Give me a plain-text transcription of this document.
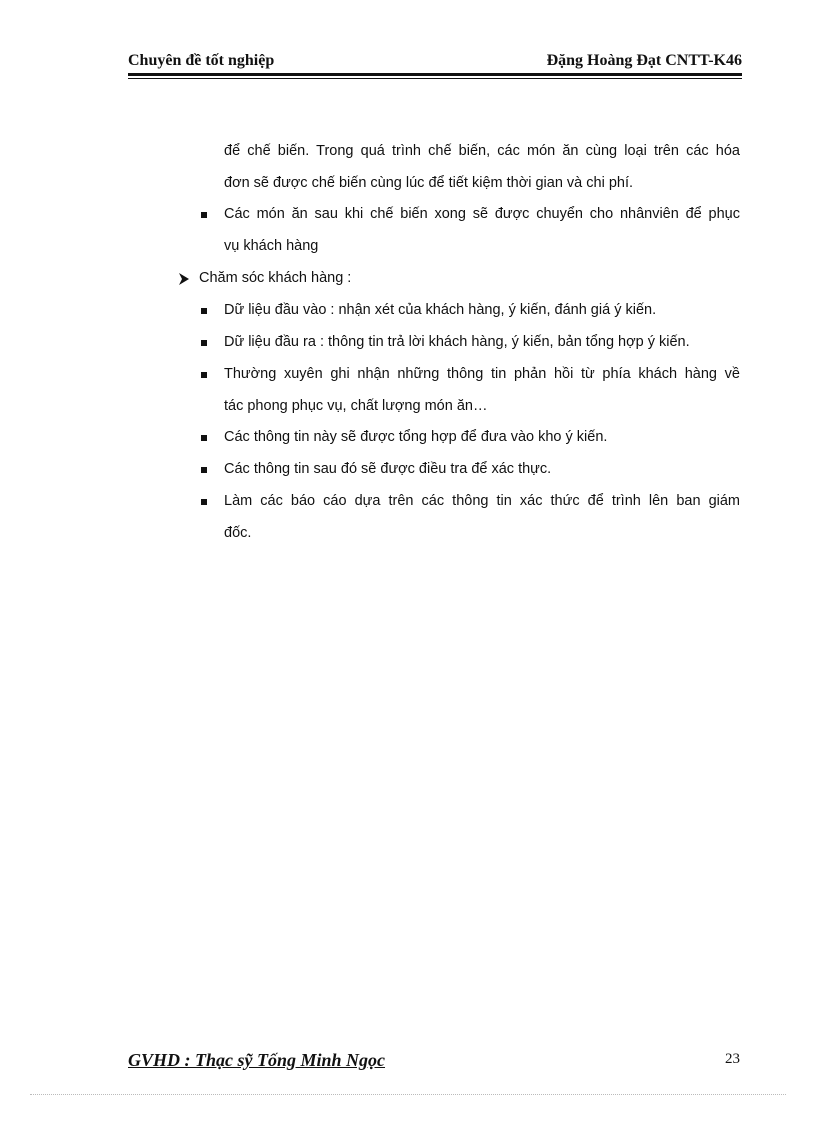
Chuyên đề tốt nghiệp	Đặng Hoàng Đạt CNTT-K46
để chế biến. Trong quá trình chế biến, các món ăn cùng loại trên các hóa
đơn sẽ được chế biến cùng lúc để tiết kiệm thời gian và chi phí.
Các món ăn sau khi chế biến xong sẽ được chuyển cho nhânviên để phục
vụ khách hàng
Chăm sóc khách hàng :
Dữ liệu đầu vào : nhận xét của khách hàng, ý kiến, đánh giá ý kiến.
Dữ liệu đầu ra : thông tin trả lời khách hàng, ý kiến, bản tổng hợp ý kiến.
Thường xuyên ghi nhận những thông tin phản hồi từ phía khách hàng về
tác phong phục vụ, chất lượng món ăn…
Các thông tin này sẽ được tổng hợp để đưa vào kho ý kiến.
Các thông tin sau đó sẽ được điều tra để xác thực.
Làm các báo cáo dựa trên các thông tin xác thức để trình lên ban giám
đốc.
GVHD : Thạc sỹ Tống Minh Ngọc	23
